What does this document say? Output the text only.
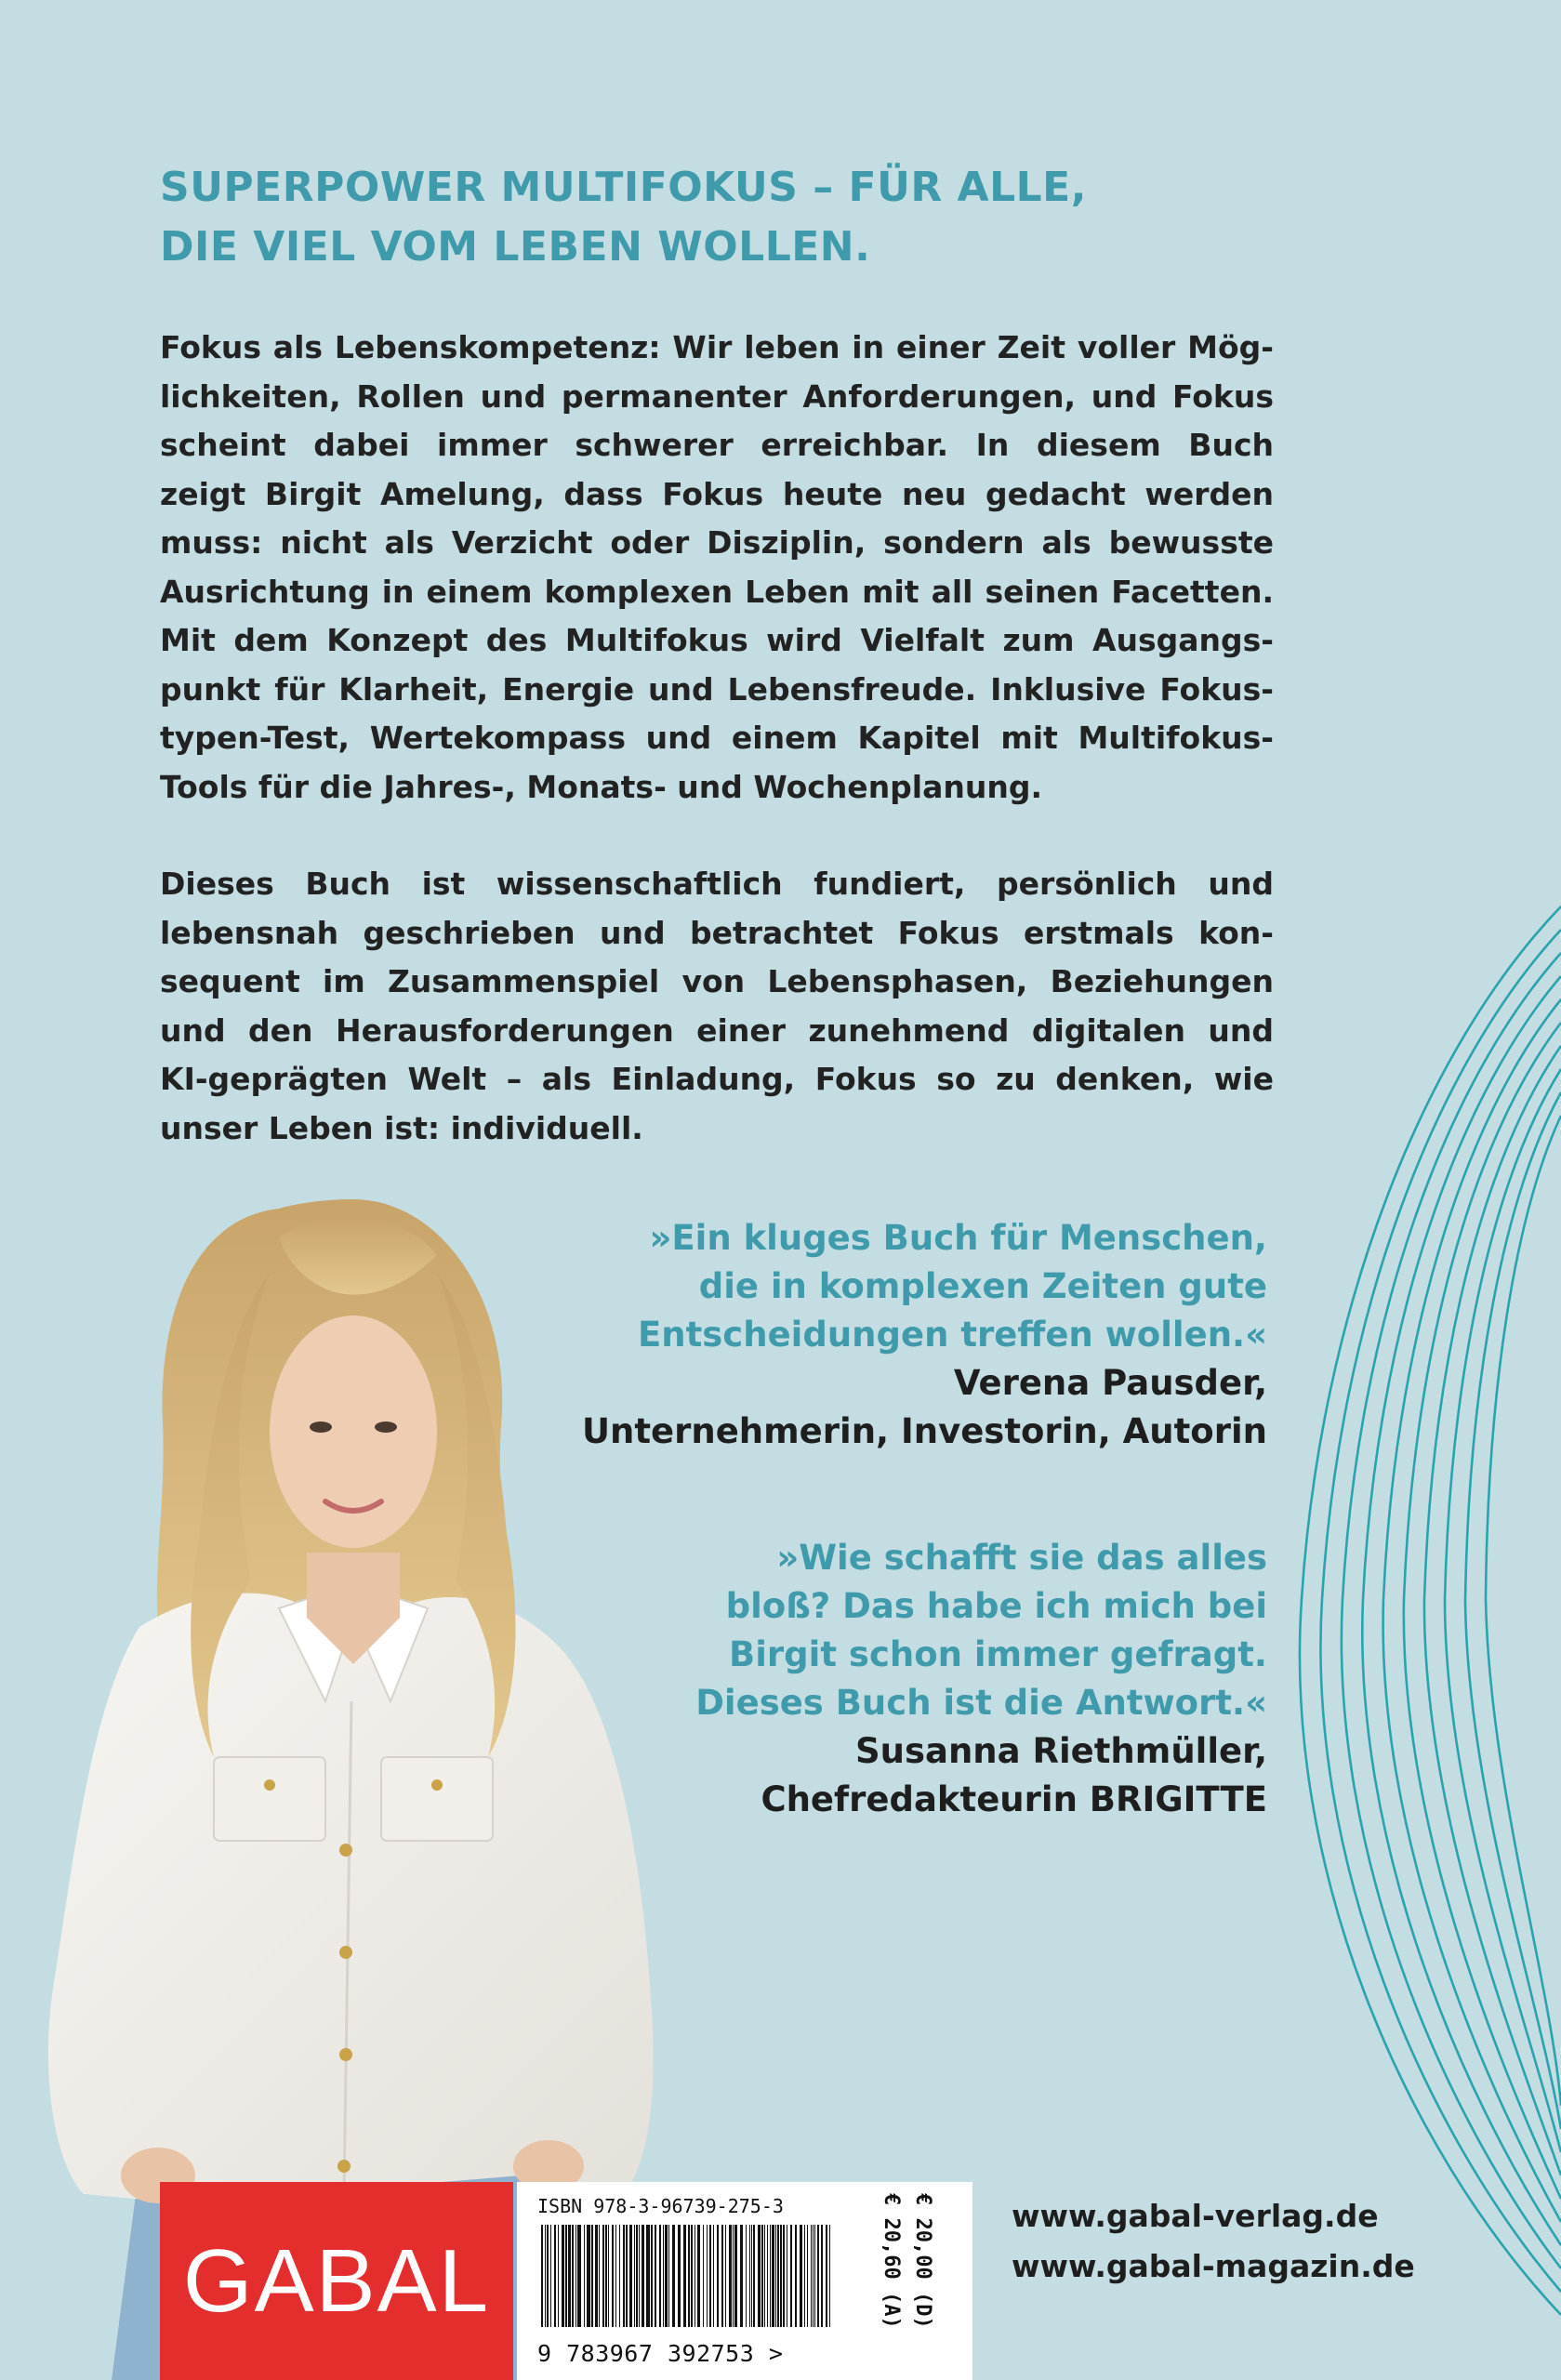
SUPERPOWER MULTIFOKUS – FÜR ALLE,
DIE VIEL VOM LEBEN WOLLEN.

Fokus als Lebenskompetenz: Wir leben in einer Zeit voller Mög-
lichkeiten, Rollen und permanenter Anforderungen, und Fokus
scheint dabei immer schwerer erreichbar. In diesem Buch
zeigt Birgit Amelung, dass Fokus heute neu gedacht werden
muss: nicht als Verzicht oder Disziplin, sondern als bewusste
Ausrichtung in einem komplexen Leben mit all seinen Facetten.
Mit dem Konzept des Multifokus wird Vielfalt zum Ausgangs-
punkt für Klarheit, Energie und Lebensfreude. Inklusive Fokus-
typen-Test, Wertekompass und einem Kapitel mit Multifokus-
Tools für die Jahres-, Monats- und Wochenplanung.

Dieses Buch ist wissenschaftlich fundiert, persönlich und
lebensnah geschrieben und betrachtet Fokus erstmals kon-
sequent im Zusammenspiel von Lebensphasen, Beziehungen
und den Herausforderungen einer zunehmend digitalen und
KI-geprägten Welt – als Einladung, Fokus so zu denken, wie
unser Leben ist: individuell.

»Ein kluges Buch für Menschen,
die in komplexen Zeiten gute
Entscheidungen treffen wollen.«
Verena Pausder,
Unternehmerin, Investorin, Autorin
»Wie schafft sie das alles
bloß? Das habe ich mich bei
Birgit schon immer gefragt.
Dieses Buch ist die Antwort.«
Susanna Riethmüller,
Chefredakteurin BRIGITTE
GABAL
ISBN 978-3-96739-275-3
9 783967 392753 >
€ 20,00 (D)
€ 20,60 (A)	www.gabal-verlag.de
www.gabal-magazin.de
